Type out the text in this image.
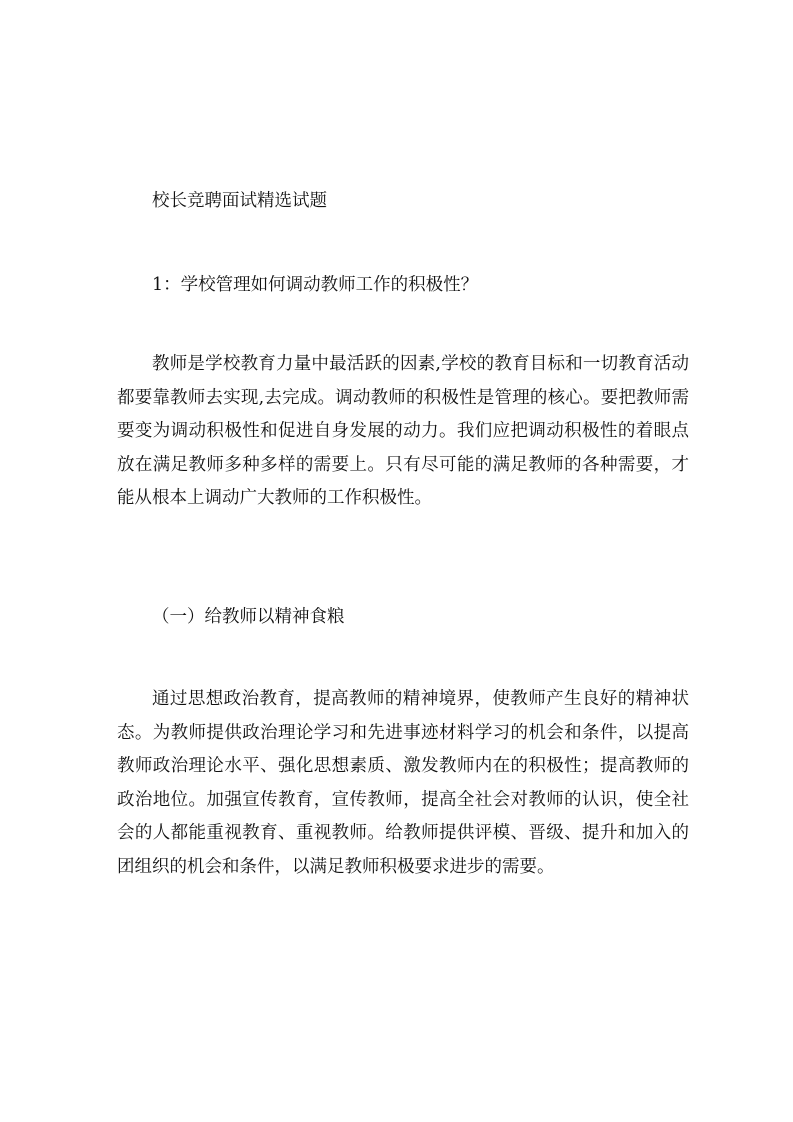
校长竞聘面试精选试题

1：学校管理如何调动教师工作的积极性？

教师是学校教育力量中最活跃的因素,学校的教育目标和一切教育活动都要靠教师去实现,去完成。调动教师的积极性是管理的核心。要把教师需要变为调动积极性和促进自身发展的动力。我们应把调动积极性的着眼点放在满足教师多种多样的需要上。只有尽可能的满足教师的各种需要，才能从根本上调动广大教师的工作积极性。

（一）给教师以精神食粮

通过思想政治教育，提高教师的精神境界，使教师产生良好的精神状态。为教师提供政治理论学习和先进事迹材料学习的机会和条件，以提高教师政治理论水平、强化思想素质、激发教师内在的积极性；提高教师的政治地位。加强宣传教育，宣传教师，提高全社会对教师的认识，使全社会的人都能重视教育、重视教师。给教师提供评模、晋级、提升和加入的团组织的机会和条件，以满足教师积极要求进步的需要。
